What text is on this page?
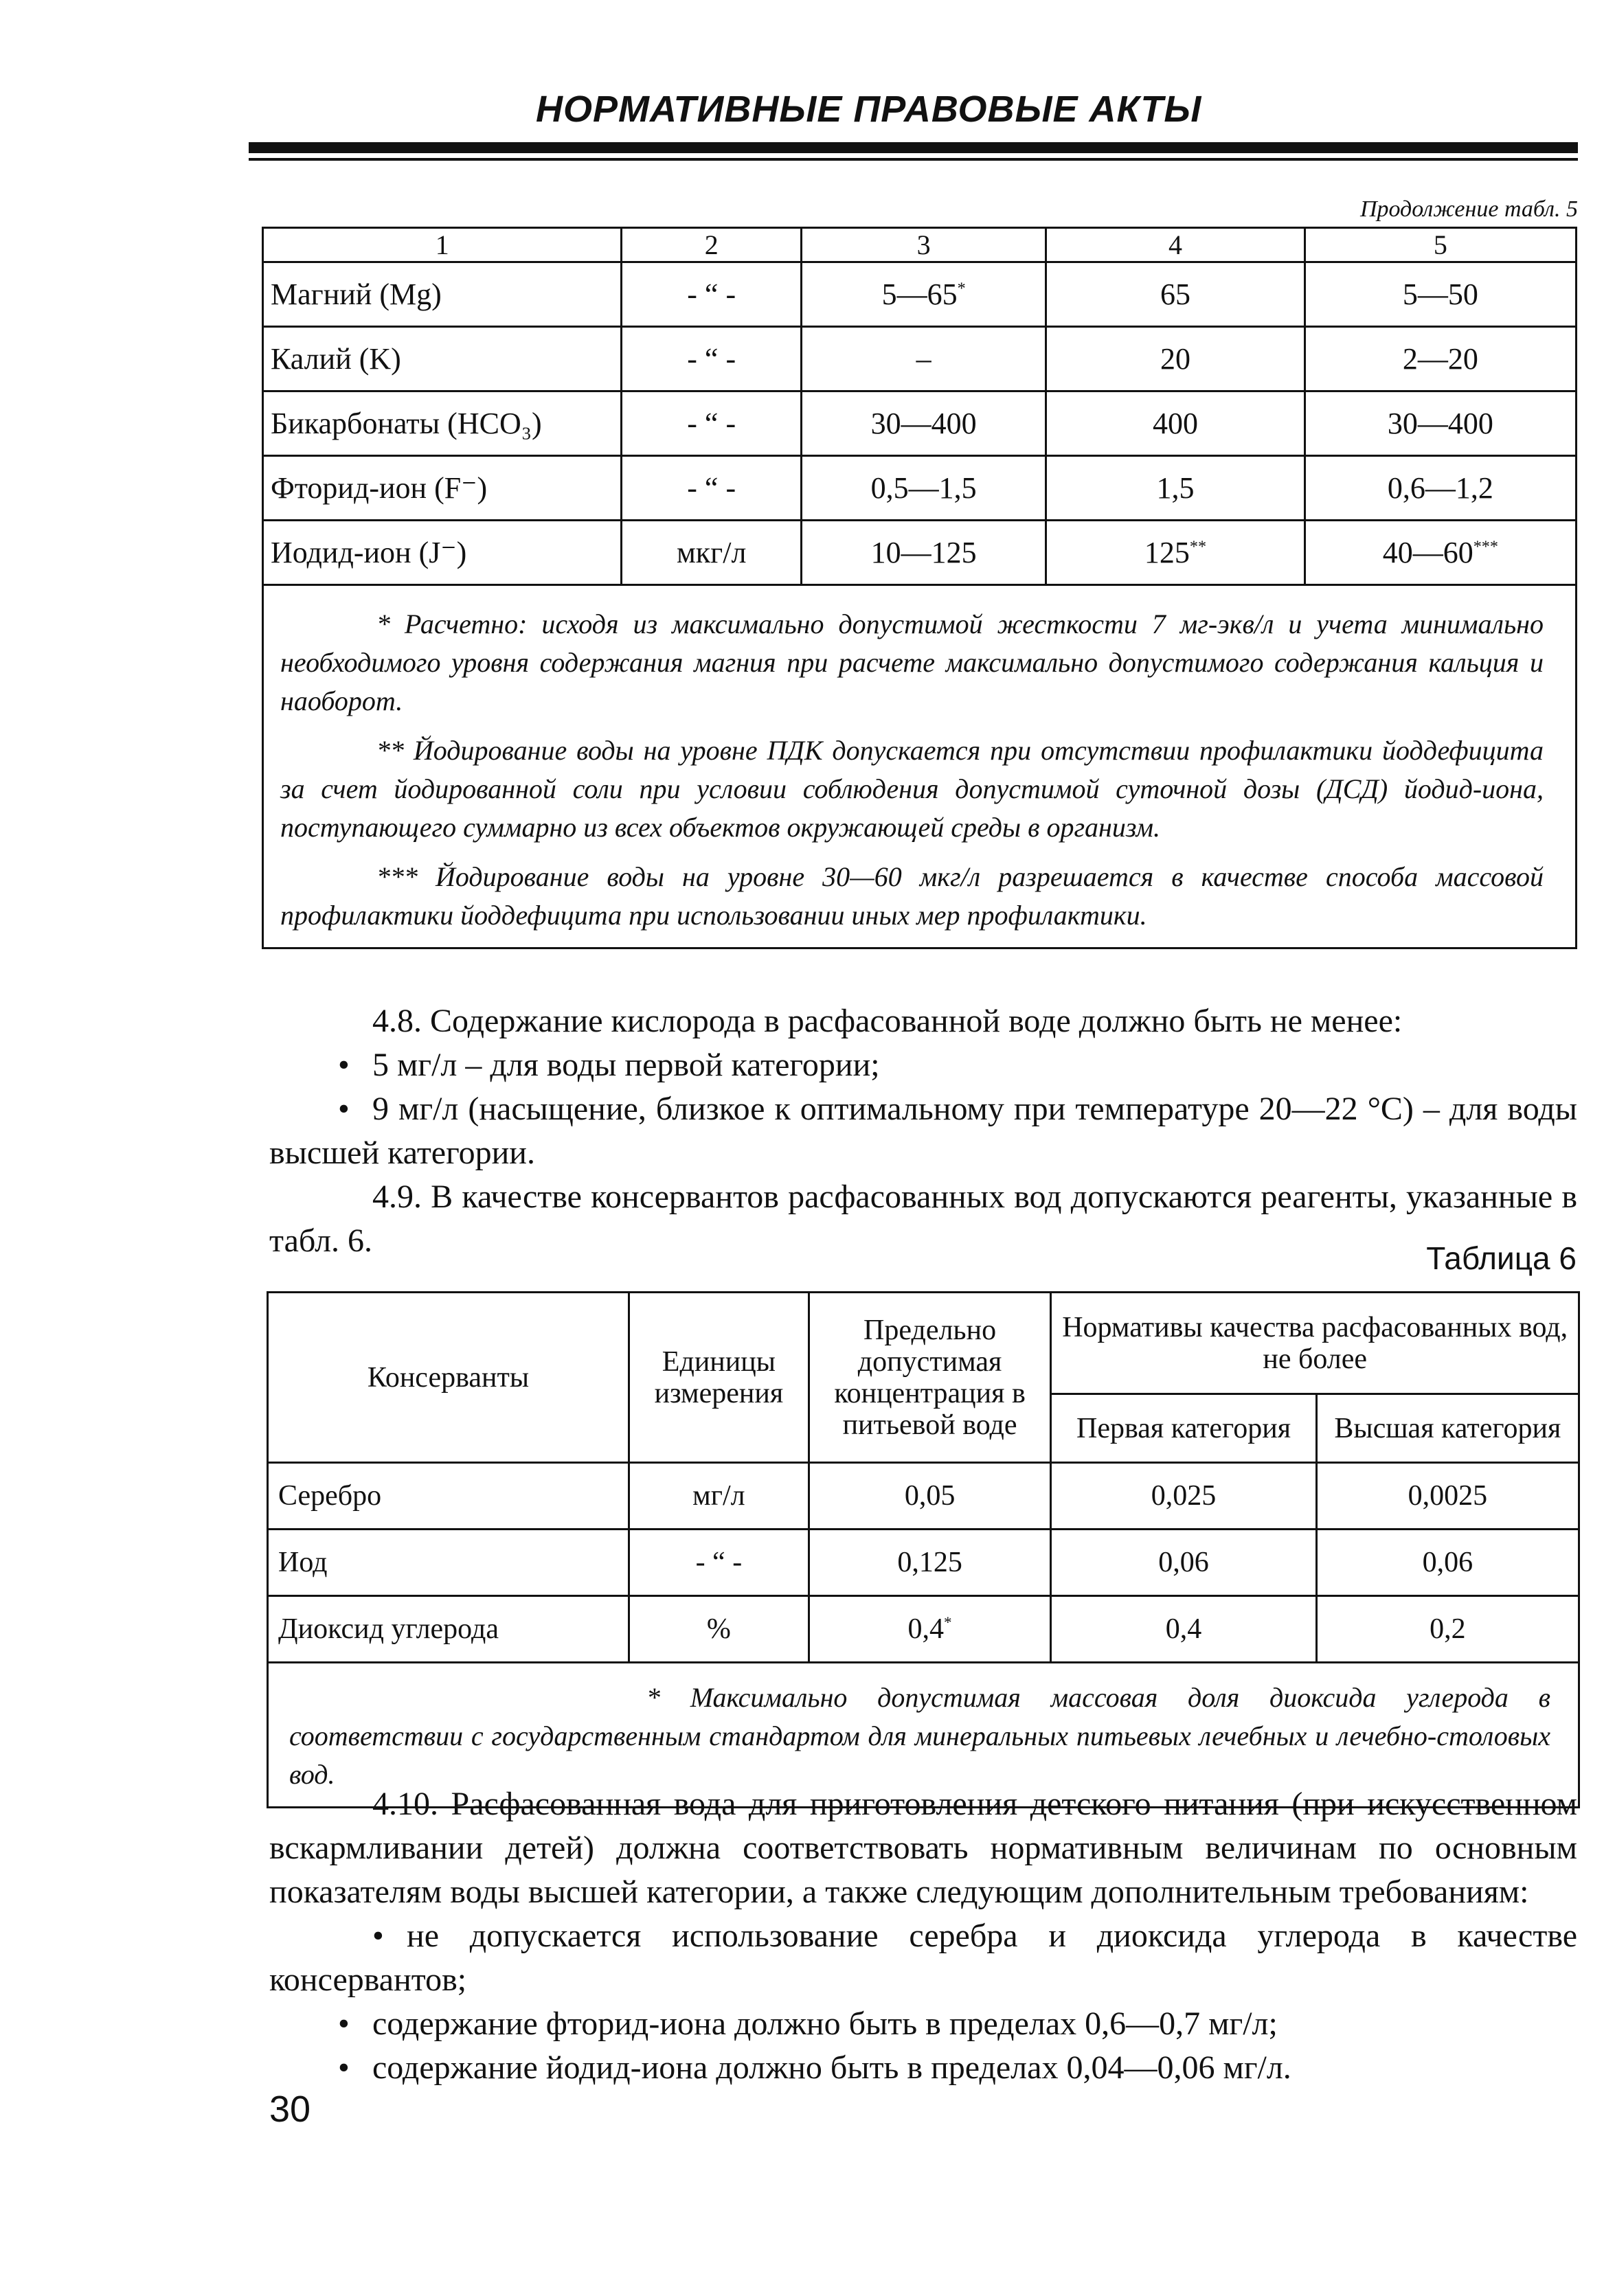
НОРМАТИВНЫЕ ПРАВОВЫЕ АКТЫ
Продолжение табл. 5
1	2	3	4	5
Магний (Mg)	- “ -	5—65*	65	5—50
Калий (K)	- “ -	–	20	2—20
Бикарбонаты (HCO₃)	- “ -	30—400	400	30—400
Фторид-ион (F⁻)	- “ -	0,5—1,5	1,5	0,6—1,2
Иодид-ион (J⁻)	мкг/л	10—125	125**	40—60***

* Расчетно: исходя из максимально допустимой жесткости 7 мг-экв/л и учета минимально необходимого уровня содержания магния при расчете максимально допустимого содержания кальция и наоборот.

** Йодирование воды на уровне ПДК допускается при отсутствии профилактики йоддефицита за счет йодированной соли при условии соблюдения допустимой суточной дозы (ДСД) йодид-иона, поступающего суммарно из всех объектов окружающей среды в организм.

*** Йодирование воды на уровне 30—60 мкг/л разрешается в качестве способа массовой профилактики йоддефицита при использовании иных мер профилактики.				

4.8. Содержание кислорода в расфасованной воде должно быть не менее:

• 5 мг/л – для воды первой категории;

• 9 мг/л (насыщение, близкое к оптимальному при температуре 20—22 °С) – для воды высшей категории.

4.9. В качестве консервантов расфасованных вод допускаются реагенты, указанные в табл. 6.	Таблица 6
Консерванты	Единицы измерения	Предельно допустимая концентрация в питьевой воде	Нормативы качества расфасованных вод, не более	
			Первая категория	Высшая категория
Серебро	мг/л	0,05	0,025	0,0025
Иод	- “ -	0,125	0,06	0,06
Диоксид углерода	%	0,4*	0,4	0,2

* Максимально допустимая массовая доля диоксида углерода в соответствии с государственным стандартом для минеральных питьевых лечебных и лечебно-столовых вод.				

4.10. Расфасованная вода для приготовления детского питания (при искусственном вскармливании детей) должна соответствовать нормативным величинам по основным показателям воды высшей категории, а также следующим дополнительным требованиям:

• не допускается использование серебра и диоксида углерода в качестве консервантов;

• содержание фторид-иона должно быть в пределах 0,6—0,7 мг/л;

• содержание йодид-иона должно быть в пределах 0,04—0,06 мг/л.

30
